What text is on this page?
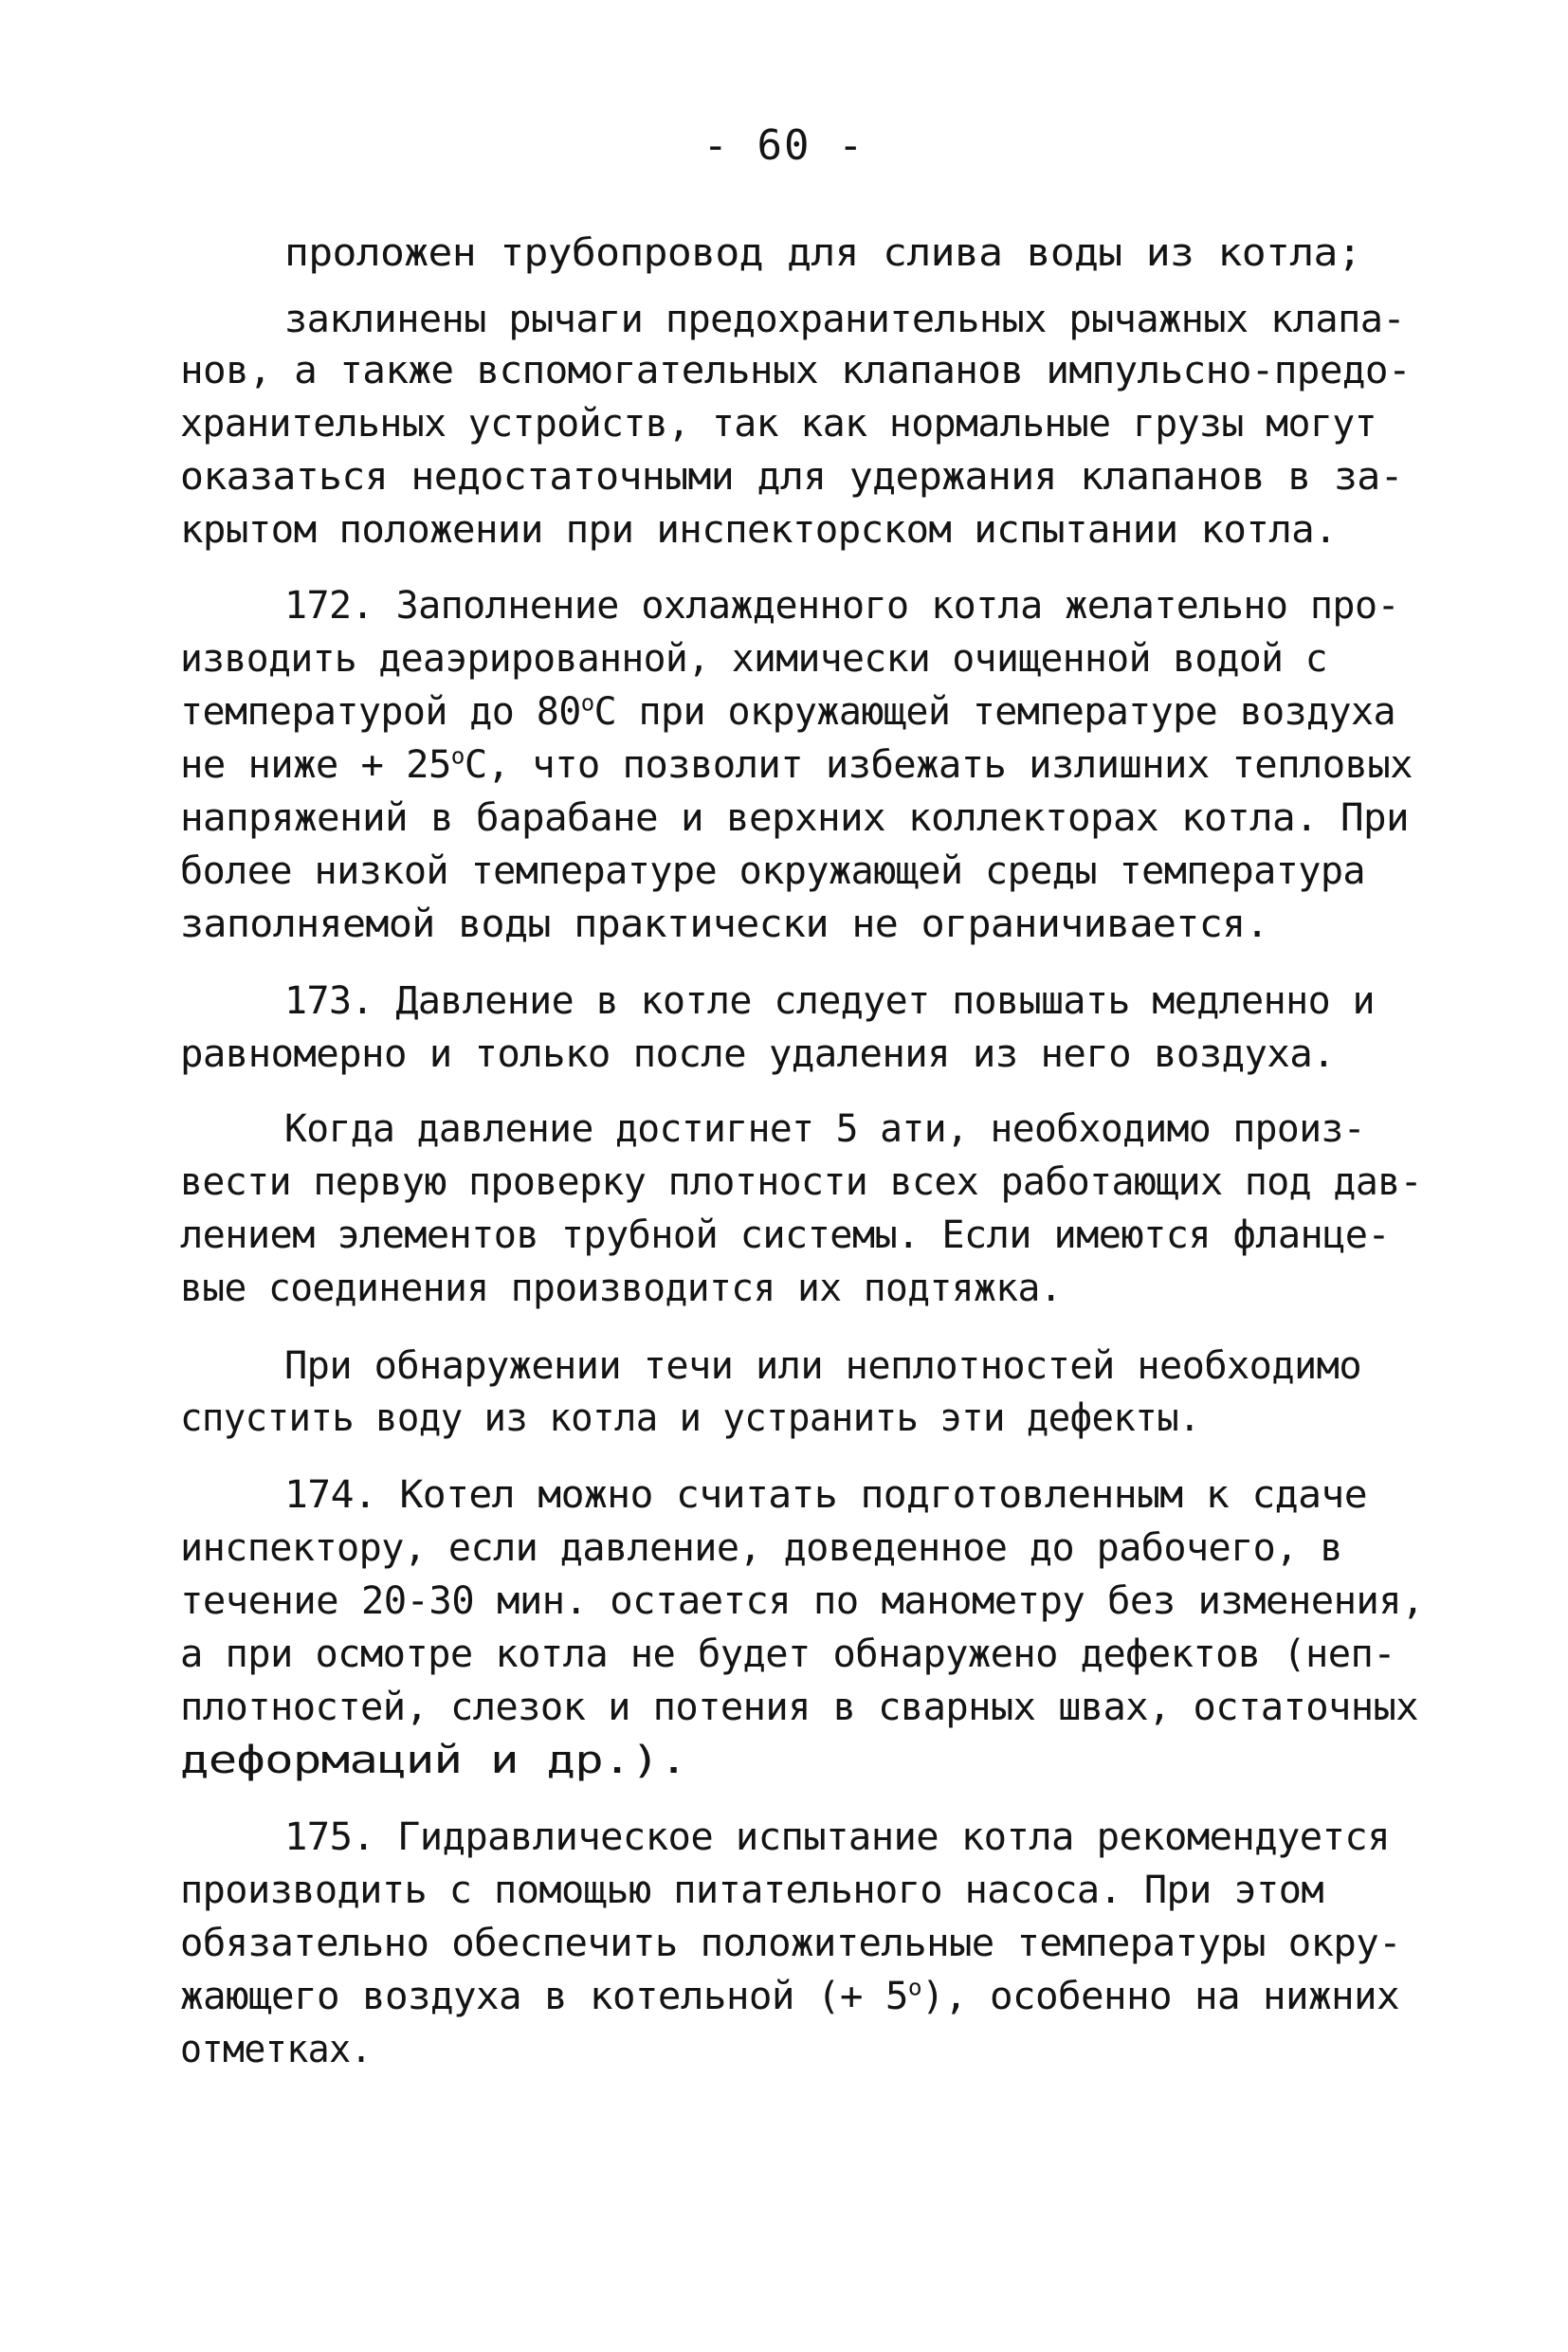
- 60 -
проложен трубопровод для слива воды из котла;
заклинены рычаги предохранительных рычажных клапа-
нов, а также вспомогательных клапанов импульсно-предо-
хранительных устройств, так как нормальные грузы могут
оказаться недостаточными для удержания клапанов в за-
крытом положении при инспекторском испытании котла.
172. Заполнение охлажденного котла желательно про-
изводить деаэрированной, химически очищенной водой с
температурой до $80^оС$ при окружающей температуре воздуха
не ниже + $25^оС$, что позволит избежать излишних тепловых
напряжений в барабане и верхних коллекторах котла. При
более низкой температуре окружающей среды температура
заполняемой воды практически не ограничивается.
173. Давление в котле следует повышать медленно и
равномерно и только после удаления из него воздуха.
Когда давление достигнет 5 ати, необходимо произ-
вести первую проверку плотности всех работающих под дав-
лением элементов трубной системы. Если имеются фланце-
вые соединения производится их подтяжка.
При обнаружении течи или неплотностей необходимо
спустить воду из котла и устранить эти дефекты.
174. Котел можно считать подготовленным к сдаче
инспектору, если давление, доведенное до рабочего, в
течение 20-30 мин. остается по манометру без изменения,
а при осмотре котла не будет обнаружено дефектов (неп-
плотностей, слезок и потения в сварных швах, остаточных
деформаций и др.).
175. Гидравлическое испытание котла рекомендуется
производить с помощью питательного насоса. При этом
обязательно обеспечить положительные температуры окру-
жающего воздуха в котельной (+ $5^о$), особенно на нижних
отметках.
